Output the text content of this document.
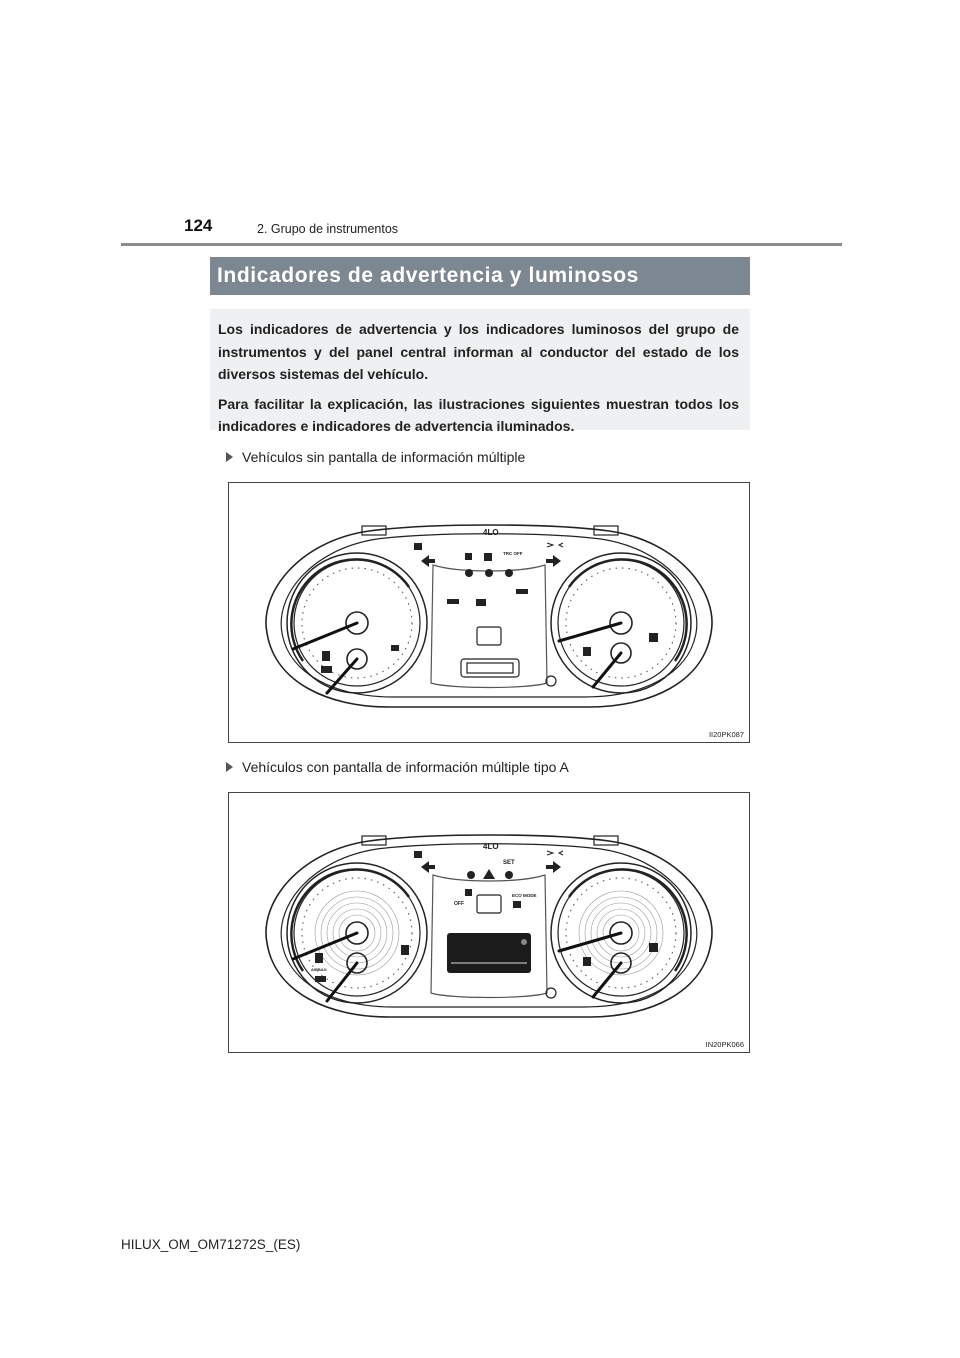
124	2. Grupo de instrumentos
Indicadores de advertencia y luminosos

Los indicadores de advertencia y los indicadores luminosos del grupo de instrumentos y del panel central informan al conductor del estado de los diversos sistemas del vehículo.

Para facilitar la explicación, las ilustraciones siguientes muestran todos los indicadores e indicadores de advertencia iluminados.

Vehículos sin pantalla de información múltiple
4LO
TRC OFF
II20PK087
Vehículos con pantalla de información múltiple tipo A
4LO
SET
ECO MODE
OFF
AIRBAG
IN20PK066
HILUX_OM_OM71272S_(ES)
